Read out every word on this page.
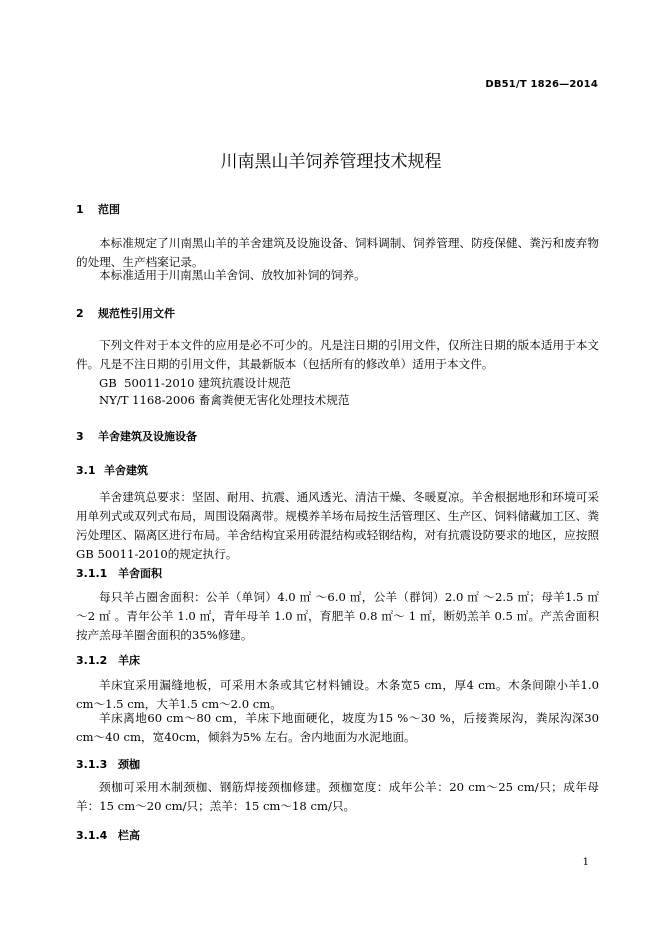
DB51/T 1826—2014
川南黑山羊饲养管理技术规程
1 范围

本标准规定了川南黑山羊的羊舍建筑及设施设备、饲料调制、饲养管理、防疫保健、粪污和废弃物的处理、生产档案记录。

本标准适用于川南黑山羊舍饲、放牧加补饲的饲养。

2 规范性引用文件

下列文件对于本文件的应用是必不可少的。凡是注日期的引用文件，仅所注日期的版本适用于本文件。凡是不注日期的引用文件，其最新版本（包括所有的修改单）适用于本文件。

GB  50011-2010 建筑抗震设计规范
NY/T 1168-2006 畜禽粪便无害化处理技术规范
3 羊舍建筑及设施设备
3.1 羊舍建筑

羊舍建筑总要求：坚固、耐用、抗震、通风透光、清洁干燥、冬暖夏凉。羊舍根据地形和环境可采用单列式或双列式布局，周围设隔离带。规模养羊场布局按生活管理区、生产区、饲料储藏加工区、粪污处理区、隔离区进行布局。羊舍结构宜采用砖混结构或轻钢结构，对有抗震设防要求的地区，应按照GB 50011-2010的规定执行。

3.1.1 羊舍面积

每只羊占圈舍面积：公羊（单饲）4.0 ㎡ ～6.0 ㎡，公羊（群饲）2.0 ㎡ ～2.5 ㎡；母羊1.5 ㎡ ～2 ㎡ 。青年公羊 1.0 ㎡，青年母羊 1.0 ㎡，育肥羊 0.8 ㎡～ 1 ㎡，断奶羔羊 0.5 ㎡。产羔舍面积按产羔母羊圈舍面积的35%修建。

3.1.2 羊床

羊床宜采用漏缝地板，可采用木条或其它材料铺设。木条宽5 cm，厚4 cm。木条间隙小羊1.0 cm～1.5 cm，大羊1.5 cm～2.0 cm。

羊床离地60 cm～80 cm，羊床下地面硬化，坡度为15 %～30 %，后接粪尿沟，粪尿沟深30 cm～40 cm，宽40cm，倾斜为5% 左右。舍内地面为水泥地面。

3.1.3 颈枷

颈枷可采用木制颈枷、钢筋焊接颈枷修建。颈枷宽度：成年公羊：20 cm～25 cm/只；成年母羊：15 cm～20 cm/只；羔羊：15 cm～18 cm/只。

3.1.4 栏高
1
